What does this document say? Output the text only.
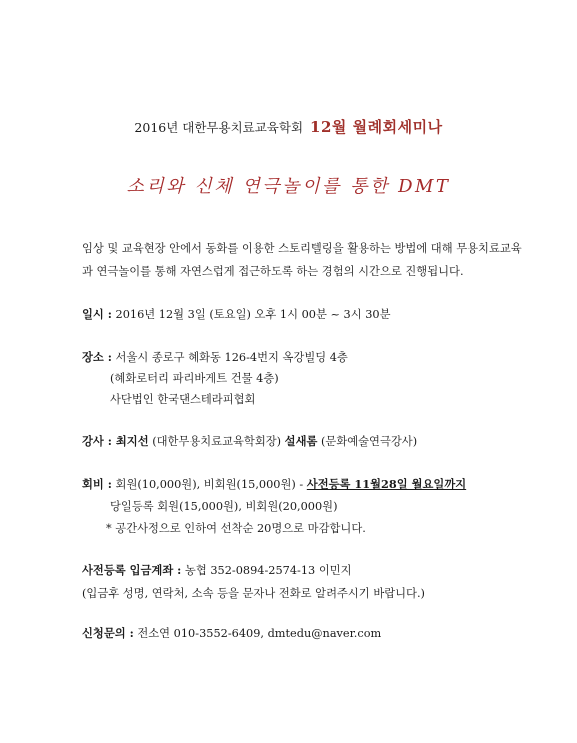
2016년 대한무용치료교육학회 12월 월례회세미나
소리와 신체 연극놀이를 통한 DMT
임상 및 교육현장 안에서 동화를 이용한 스토리텔링을 활용하는 방법에 대해 무용치료교육
과 연극놀이를 통해 자연스럽게 접근하도록 하는 경험의 시간으로 진행됩니다.
일시 : 2016년 12월 3일 (토요일) 오후 1시 00분 ~ 3시 30분
장소 : 서울시 종로구 혜화동 126-4번지 옥강빌딩 4층
(혜화로터리 파리바게트 건물 4층)
사단법인 한국댄스테라피협회
강사 : 최지선 (대한무용치료교육학회장) 설새롬 (문화예술연극강사)
회비 : 회원(10,000원), 비회원(15,000원) - 사전등록 11월28일 월요일까지
당일등록 회원(15,000원), 비회원(20,000원)
* 공간사정으로 인하여 선착순 20명으로 마감합니다.
사전등록 입금계좌 : 농협 352-0894-2574-13 이민지
(입금후 성명, 연락처, 소속 등을 문자나 전화로 알려주시기 바랍니다.)
신청문의 : 전소연 010-3552-6409, dmtedu@naver.com
